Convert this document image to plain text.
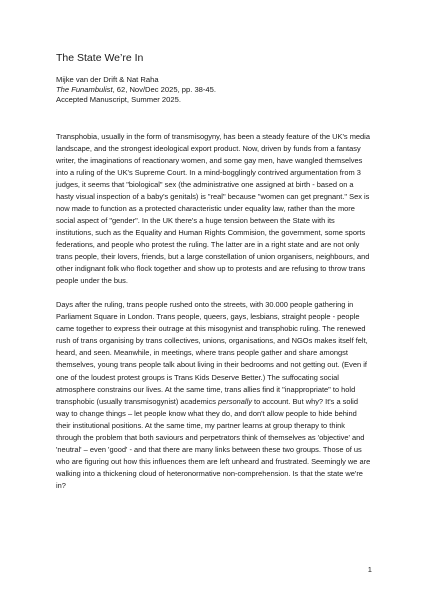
The State We’re In
Mijke van der Drift & Nat Raha
The Funambulist, 62, Nov/Dec 2025, pp. 38-45.
Accepted Manuscript, Summer 2025.

Transphobia, usually in the form of transmisogyny, has been a steady feature of the UK's media landscape, and the strongest ideological export product. Now, driven by funds from a fantasy writer, the imaginations of reactionary women, and some gay men, have wangled themselves into a ruling of the UK's Supreme Court. In a mind-bogglingly contrived argumentation from 3 judges, it seems that "biological" sex (the administrative one assigned at birth - based on a hasty visual inspection of a baby's genitals) is "real" because "women can get pregnant." Sex is now made to function as a protected characteristic under equality law, rather than the more social aspect of "gender". In the UK there's a huge tension between the State with its institutions, such as the Equality and Human Rights Commision, the government, some sports federations, and people who protest the ruling. The latter are in a right state and are not only trans people, their lovers, friends, but a large constellation of union organisers, neighbours, and other indignant folk who flock together and show up to protests and are refusing to throw trans people under the bus.

Days after the ruling, trans people rushed onto the streets, with 30.000 people gathering in Parliament Square in London. Trans people, queers, gays, lesbians, straight people - people came together to express their outrage at this misogynist and transphobic ruling. The renewed rush of trans organising by trans collectives, unions, organisations, and NGOs makes itself felt, heard, and seen. Meanwhile, in meetings, where trans people gather and share amongst themselves, young trans people talk about living in their bedrooms and not getting out. (Even if one of the loudest protest groups is Trans Kids Deserve Better.) The suffocating social atmosphere constrains our lives. At the same time, trans allies find it "inappropriate" to hold transphobic (usually transmisogynist) academics personally to account. But why? It's a solid way to change things – let people know what they do, and don't allow people to hide behind their institutional positions. At the same time, my partner learns at group therapy to think through the problem that both saviours and perpetrators think of themselves as 'objective' and 'neutral' – even 'good' - and that there are many links between these two groups. Those of us who are figuring out how this influences them are left unheard and frustrated. Seemingly we are walking into a thickening cloud of heteronormative non-comprehension. Is that the state we're in?

1
